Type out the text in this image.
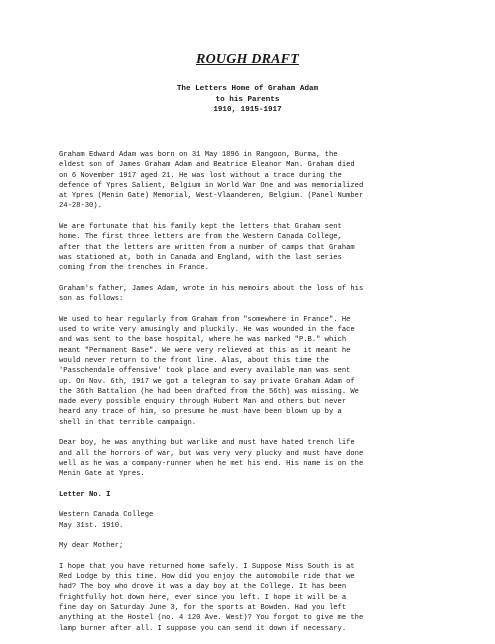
ROUGH DRAFT
The Letters Home of Graham Adam
to his Parents
1910, 1915-1917
Graham Edward Adam was born on 31 May 1896 in Rangoon, Burma, the
eldest son of James Graham Adam and Beatrice Eleanor Man. Graham died
on 6 November 1917 aged 21. He was lost without a trace during the
defence of Ypres Salient, Belgium in World War One and was memorialized
at Ypres (Menin Gate) Memorial, West-Vlaanderen, Belgium. (Panel Number
24-28-30).
We are fortunate that his family kept the letters that Graham sent
home. The first three letters are from the Western Canada College,
after that the letters are written from a number of camps that Graham
was stationed at, both in Canada and England, with the last series
coming from the trenches in France.
Graham's father, James Adam, wrote in his memoirs about the loss of his
son as follows:
We used to hear regularly from Graham from "somewhere in France". He
used to write very amusingly and pluckily. He was wounded in the face
and was sent to the base hospital, where he was marked "P.B." which
meant "Permanent Base". We were very relieved at this as it meant he
would never return to the front line. Alas, about this time the
'Passchendale offensive' took place and every available man was sent
up. On Nov. 6th, 1917 we got a telegram to say private Graham Adam of
the 36th Battalion (he had been drafted from the 56th) was missing. We
made every possible enquiry through Hubert Man and others but never
heard any trace of him, so presume he must have been blown up by a
shell in that terrible campaign.
Dear boy, he was anything but warlike and must have hated trench life
and all the horrors of war, but was very very plucky and must have done
well as he was a company-runner when he met his end. His name is on the
Menin Gate at Ypres.
Letter No. I
Western Canada College
May 31st. 1910.
My dear Mother;
I hope that you have returned home safely. I Suppose Miss South is at
Red Lodge by this time. How did you enjoy the automobile ride that we
had? The boy who drove it was a day boy at the College. It has been
frightfully hot down here, ever since you left. I hope it will be a
fine day on Saturday June 3, for the sports at Bowden. Had you left
anything at the Hostel (no. 4 120 Ave. West)? You forgot to give me the
lamp burner after all. I suppose you can send it down if necessary.
